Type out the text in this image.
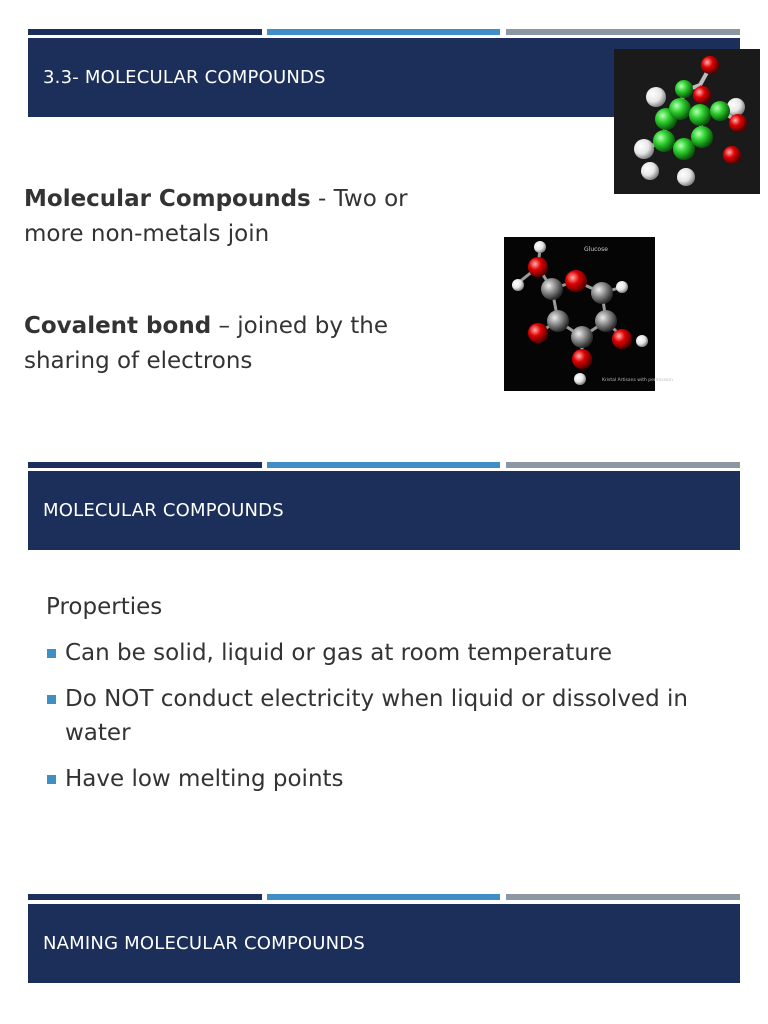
3.3- MOLECULAR COMPOUNDS
Molecular Compounds - Two or more non-metals join
Covalent bond – joined by the sharing of electrons
Glucose
Kristal Artisans with permission
MOLECULAR COMPOUNDS
Properties
Can be solid, liquid or gas at room temperature
Do NOT conduct electricity when liquid or dissolved in water
Have low melting points
NAMING MOLECULAR COMPOUNDS
